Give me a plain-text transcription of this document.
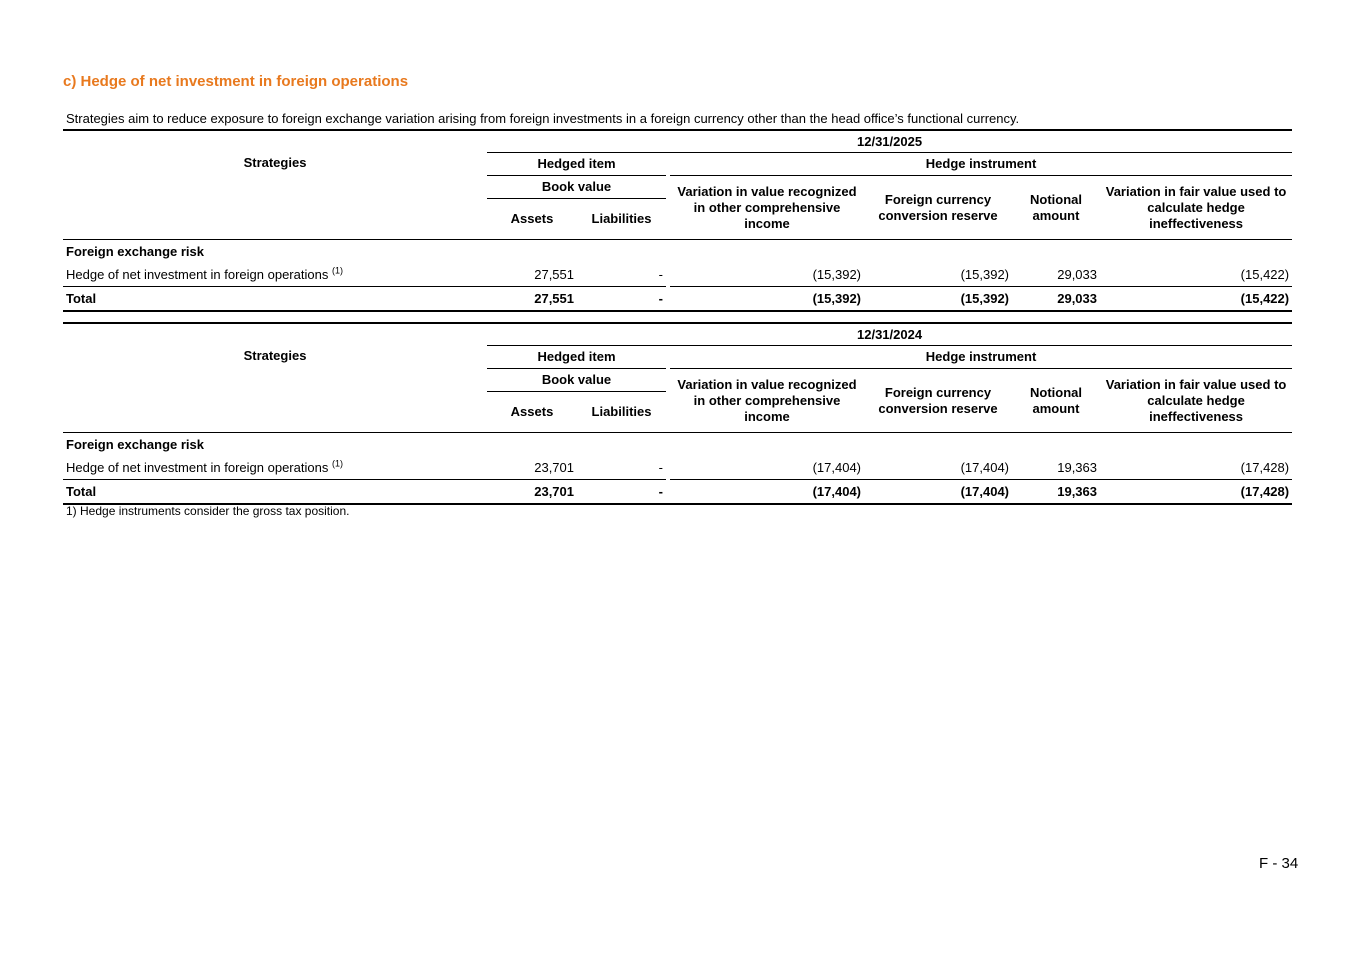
c) Hedge of net investment in foreign operations
Strategies aim to reduce exposure to foreign exchange variation arising from foreign investments in a foreign currency other than the head office’s functional currency.
	12/31/2025						
Strategies	Hedged item			Hedge instrument			
	Book value			Variation in value recognized in other comprehensive income	Foreign currency conversion reserve	Notional amount	Variation in fair value used to calculate hedge ineffectiveness
	Assets	Liabilities					
Foreign exchange risk							
Hedge of net investment in foreign operations $^{(1)}$	27,551	-		(15,392)	(15,392)	29,033	(15,422)
Total	27,551	-		(15,392)	(15,392)	29,033	(15,422)
	12/31/2024						
Strategies	Hedged item			Hedge instrument			
	Book value			Variation in value recognized in other comprehensive income	Foreign currency conversion reserve	Notional amount	Variation in fair value used to calculate hedge ineffectiveness
	Assets	Liabilities					
Foreign exchange risk							
Hedge of net investment in foreign operations $^{(1)}$	23,701	-		(17,404)	(17,404)	19,363	(17,428)
Total	23,701	-		(17,404)	(17,404)	19,363	(17,428)
1) Hedge instruments consider the gross tax position.
F - 34
